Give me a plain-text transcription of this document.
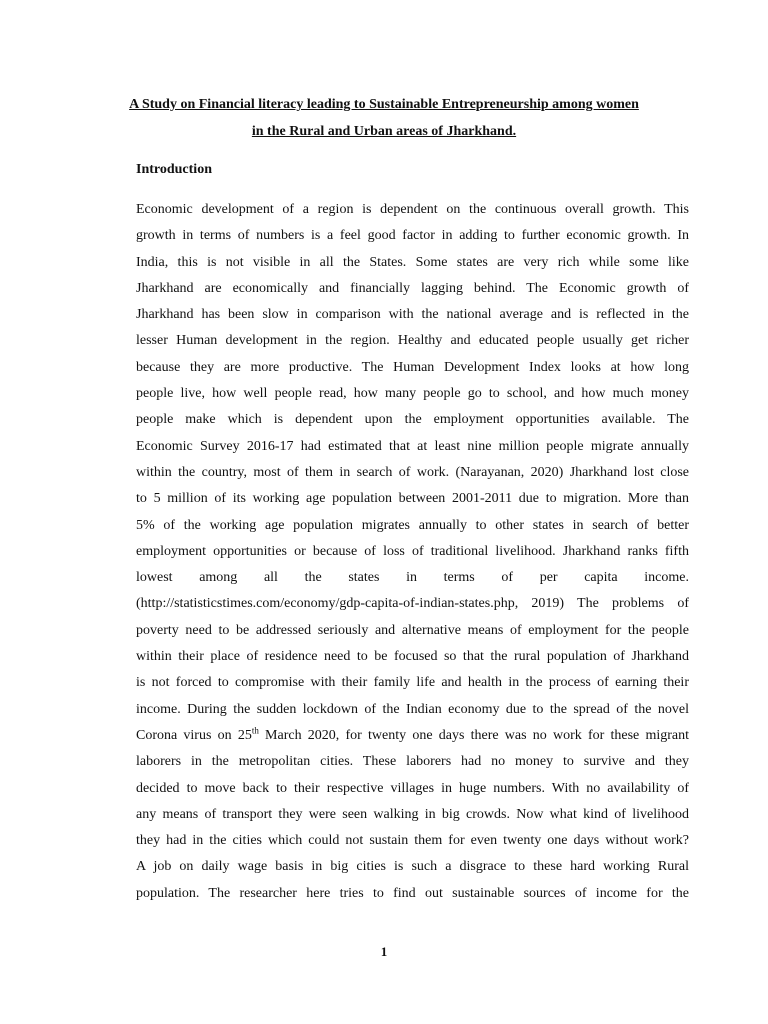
A Study on Financial literacy leading to Sustainable Entrepreneurship among women
in the Rural and Urban areas of Jharkhand.
Introduction
Economic development of a region is dependent on the continuous overall growth. This
growth in terms of numbers is a feel good factor in adding to further economic growth. In
India, this is not visible in all the States. Some states are very rich while some like
Jharkhand are economically and financially lagging behind. The Economic growth of
Jharkhand has been slow in comparison with the national average and is reflected in the
lesser Human development in the region. Healthy and educated people usually get richer
because they are more productive. The Human Development Index looks at how long
people live, how well people read, how many people go to school, and how much money
people make which is dependent upon the employment opportunities available. The
Economic Survey 2016-17 had estimated that at least nine million people migrate annually
within the country, most of them in search of work. (Narayanan, 2020) Jharkhand lost close
to 5 million of its working age population between 2001-2011 due to migration. More than
5% of the working age population migrates annually to other states in search of better
employment opportunities or because of loss of traditional livelihood. Jharkhand ranks fifth
lowest among all the states in terms of per capita income.
(http://statisticstimes.com/economy/gdp-capita-of-indian-states.php, 2019) The problems of
poverty need to be addressed seriously and alternative means of employment for the people
within their place of residence need to be focused so that the rural population of Jharkhand
is not forced to compromise with their family life and health in the process of earning their
income. During the sudden lockdown of the Indian economy due to the spread of the novel
Corona virus on 25th March 2020, for twenty one days there was no work for these migrant
laborers in the metropolitan cities. These laborers had no money to survive and they
decided to move back to their respective villages in huge numbers. With no availability of
any means of transport they were seen walking in big crowds. Now what kind of livelihood
they had in the cities which could not sustain them for even twenty one days without work?
A job on daily wage basis in big cities is such a disgrace to these hard working Rural
population. The researcher here tries to find out sustainable sources of income for the
1
